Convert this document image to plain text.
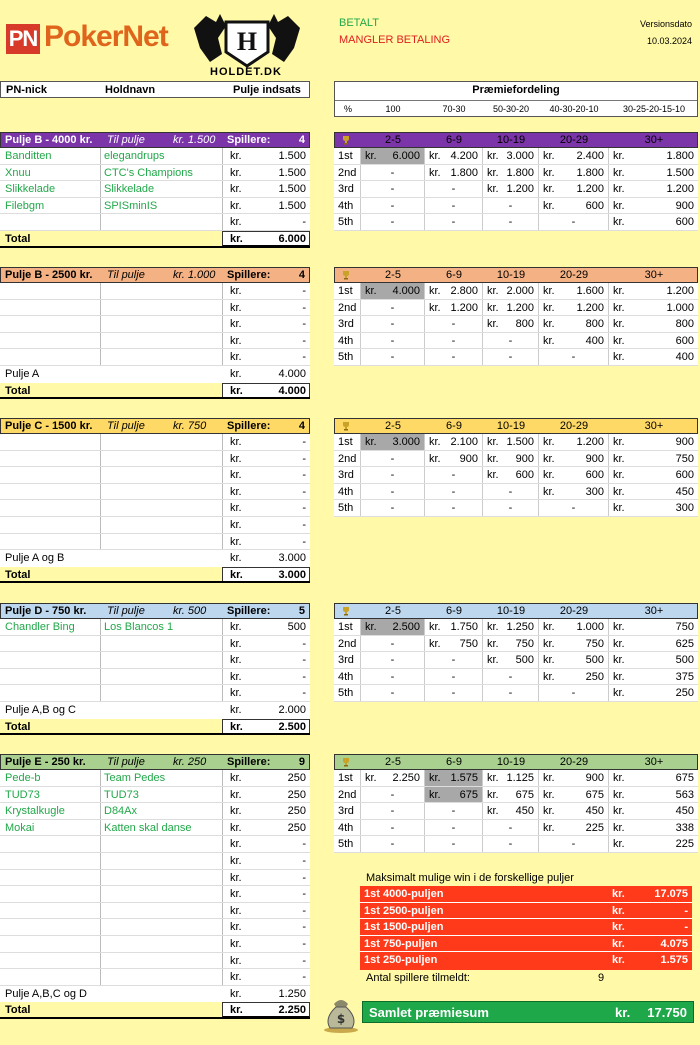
PN PokerNet	H
HOLDET.DK
BETALT
MANGLER BETALING
Versionsdato
10.03.2024
PN-nick	Holdnavn	Pulje indsats	Præmiefordeling
%	100	70-30	50-30-20	40-30-20-10	30-25-20-15-10
Pulje B - 4000 kr. Til pulje	kr. 1.500 Spillere:	4
Banditten	elegandrups	kr.	1.500
Xnuu	CTC's Champions	kr.	1.500
Slikkelade	Slikkelade	kr.	1.500
Filebgm	SPISminIS	kr.	1.500
kr.	-
Total	kr.	6.000
2-5	6-9	10-19	20-29	30+
1st kr. 6.000 kr. 4.200 kr. 3.000 kr. 2.400 kr.	1.800
2nd	-	kr. 1.800 kr. 1.800 kr. 1.800 kr.	1.500
3rd	-	-	kr. 1.200 kr. 1.200 kr.	1.200
4th	-	-	-	kr.	600 kr.	900
5th	-	-	-	-	kr.	600
Pulje B - 2500 kr. Til pulje	kr. 1.000 Spillere:	4
kr.	-
kr.	-
kr.	-
kr.	-
kr.	-
Pulje A	kr.	4.000
Total	kr.	4.000
2-5	6-9	10-19	20-29	30+
1st kr. 4.000 kr. 2.800 kr. 2.000 kr. 1.600 kr.	1.200
2nd	-	kr. 1.200 kr. 1.200 kr. 1.200 kr.	1.000
3rd	-	-	kr. 800 kr.	800 kr.	800
4th	-	-	-	kr.	400 kr.	600
5th	-	-	-	-	kr.	400
Pulje C - 1500 kr. Til pulje	kr. 750 Spillere:	4
kr.	-
kr.	-
kr.	-
kr.	-
kr.	-
kr.	-
kr.	-
Pulje A og B	kr.	3.000
Total	kr.	3.000
2-5	6-9	10-19	20-29	30+
1st kr. 3.000 kr. 2.100 kr. 1.500 kr. 1.200 kr.	900
2nd	-	kr. 900 kr. 900 kr.	900 kr.	750
3rd	-	-	kr. 600 kr.	600 kr.	600
4th	-	-	-	kr.	300 kr.	450
5th	-	-	-	-	kr.	300
Pulje D - 750 kr. Til pulje	kr. 500 Spillere:	5
Chandler Bing	Los Blancos 1	kr.	500
kr.	-
kr.	-
kr.	-
kr.	-
Pulje A,B og C	kr.	2.000
Total	kr.	2.500
2-5	6-9	10-19	20-29	30+
1st kr. 2.500 kr. 1.750 kr. 1.250 kr. 1.000 kr.	750
2nd	-	kr. 750 kr. 750 kr.	750 kr.	625
3rd	-	-	kr. 500 kr.	500 kr.	500
4th	-	-	-	kr.	250 kr.	375
5th	-	-	-	-	kr.	250
Pulje E - 250 kr. Til pulje	kr. 250 Spillere:	9
Pede-b	Team Pedes	kr.	250
TUD73	TUD73	kr.	250
Krystalkugle	D84Ax	kr.	250
Mokai	Katten skal danse	kr.	250
kr.	-
kr.	-
kr.	-
kr.	-
kr.	-
kr.	-
kr.	-
kr.	-
kr.	-
Pulje A,B,C og D	kr.	1.250
Total	kr.	2.250
2-5	6-9	10-19	20-29	30+
1st kr. 2.250 kr. 1.575 kr. 1.125 kr.	900 kr.	675
2nd	-	kr. 675 kr. 675 kr.	675 kr.	563
3rd	-	-	kr. 450 kr.	450 kr.	450
4th	-	-	-	kr.	225 kr.	338
5th	-	-	-	-	kr.	225
Maksimalt mulige win i de forskellige puljer
1st 4000-puljen	kr.	17.075
1st 2500-puljen	kr.	-
1st 1500-puljen	kr.	-
1st 750-puljen	kr.	4.075
1st 250-puljen	kr.	1.575
Antal spillere tilmeldt:	9
$ Samlet præmiesum	kr. 17.750
